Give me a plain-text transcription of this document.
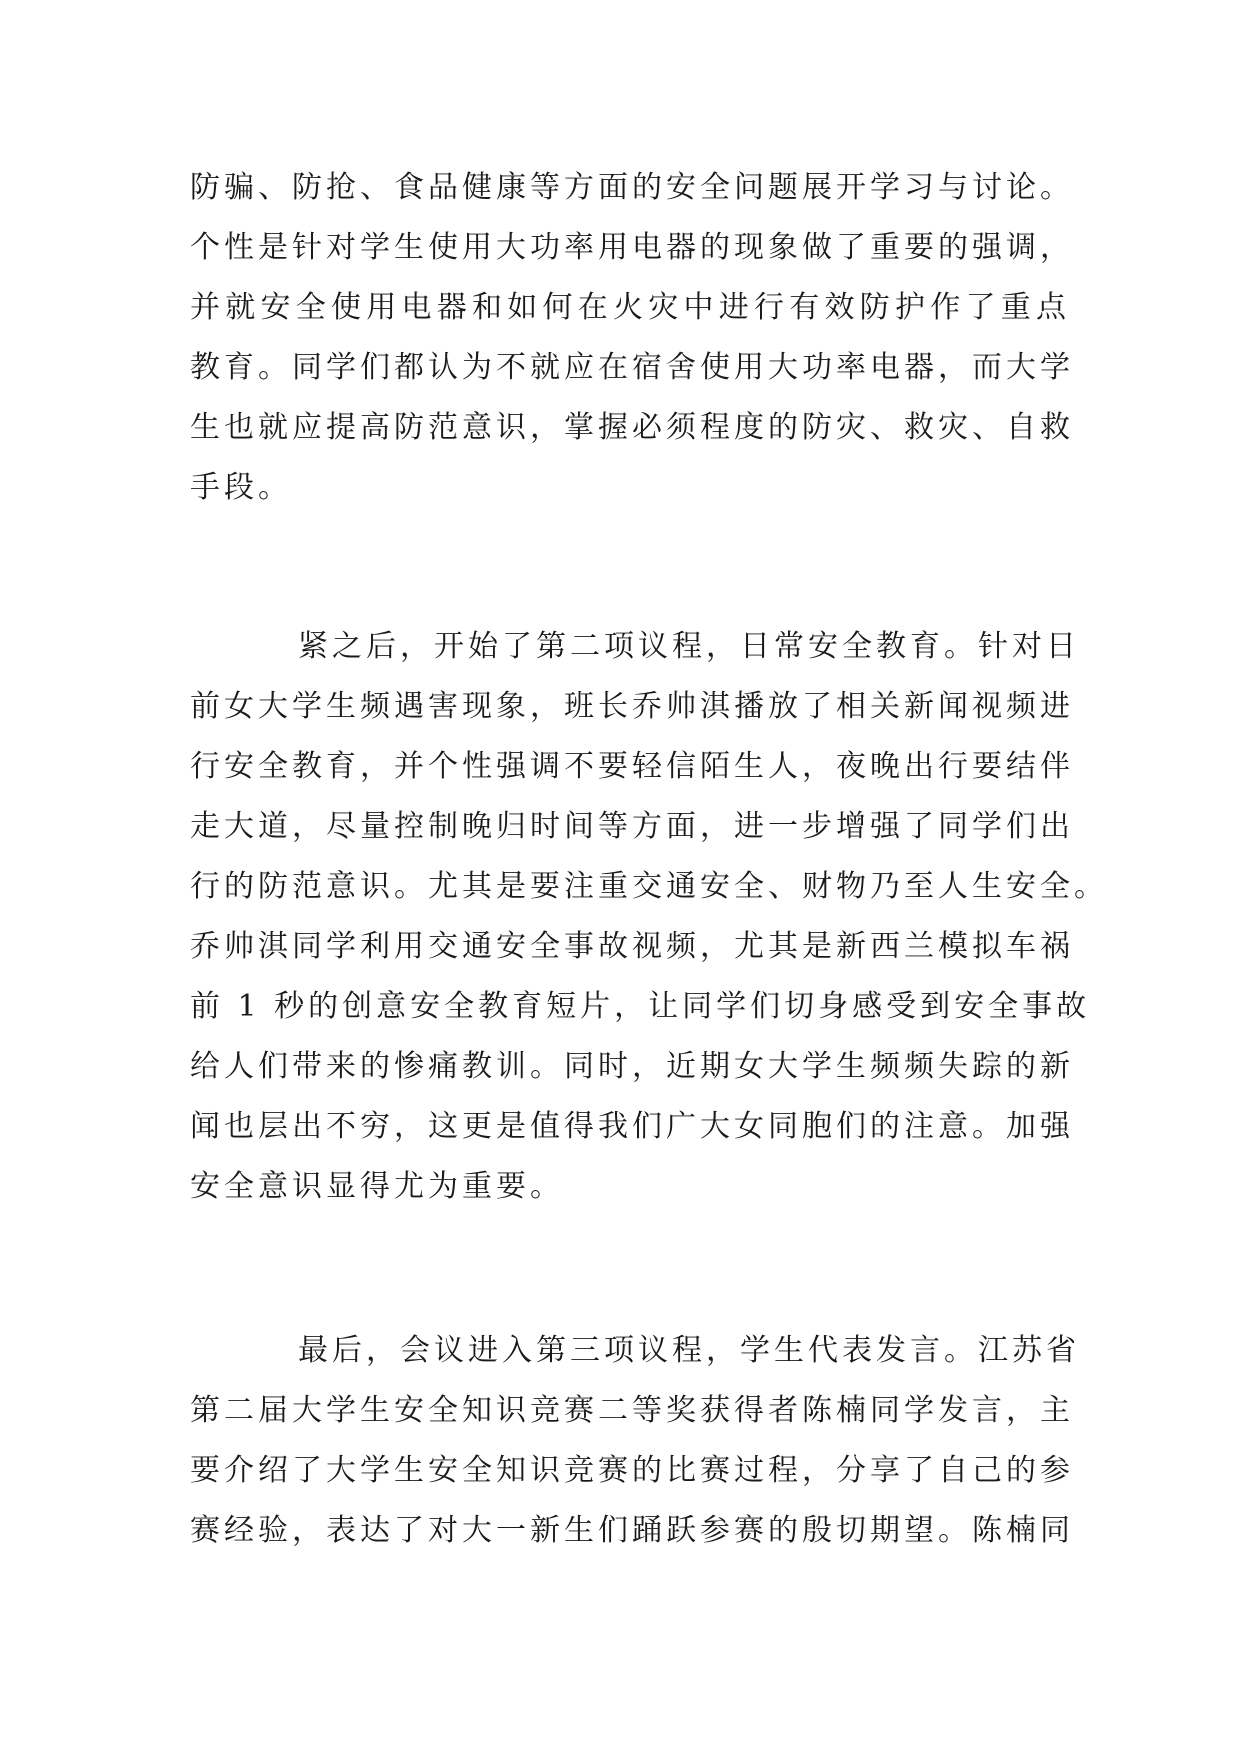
防骗、防抢、食品健康等方面的安全问题展开学习与讨论。
个性是针对学生使用大功率用电器的现象做了重要的强调，
并就安全使用电器和如何在火灾中进行有效防护作了重点
教育。同学们都认为不就应在宿舍使用大功率电器，而大学
生也就应提高防范意识，掌握必须程度的防灾、救灾、自救
手段。
紧之后，开始了第二项议程，日常安全教育。针对日
前女大学生频遇害现象，班长乔帅淇播放了相关新闻视频进
行安全教育，并个性强调不要轻信陌生人，夜晚出行要结伴
走大道，尽量控制晚归时间等方面，进一步增强了同学们出
行的防范意识。尤其是要注重交通安全、财物乃至人生安全。
乔帅淇同学利用交通安全事故视频，尤其是新西兰模拟车祸
前 1 秒的创意安全教育短片，让同学们切身感受到安全事故
给人们带来的惨痛教训。同时，近期女大学生频频失踪的新
闻也层出不穷，这更是值得我们广大女同胞们的注意。加强
安全意识显得尤为重要。
最后，会议进入第三项议程，学生代表发言。江苏省
第二届大学生安全知识竞赛二等奖获得者陈楠同学发言，主
要介绍了大学生安全知识竞赛的比赛过程，分享了自己的参
赛经验，表达了对大一新生们踊跃参赛的殷切期望。陈楠同
